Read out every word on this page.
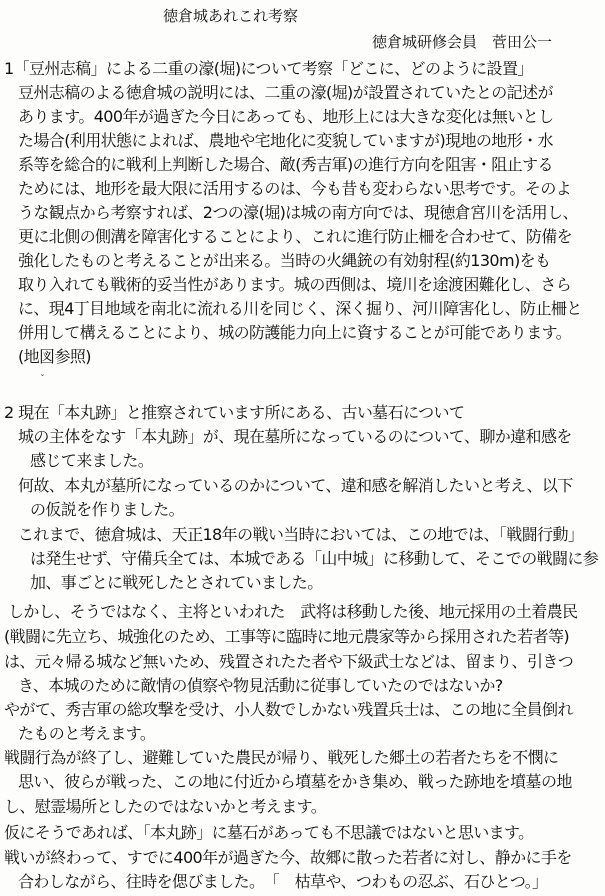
徳倉城あれこれ考察
徳倉城研修会員　菅田公一
1「豆州志稿」による二重の濠(堀)について考察「どこに、どのように設置」
豆州志稿のよる徳倉城の説明には、二重の濠(堀)が設置されていたとの記述が
あります。400年が過ぎた今日にあっても、地形上には大きな変化は無いとし
た場合(利用状態によれば、農地や宅地化に変貌していますが)現地の地形・水
系等を総合的に戦利上判断した場合、敵(秀吉軍)の進行方向を阻害・阻止する
ためには、地形を最大限に活用するのは、今も昔も変わらない思考です。そのよ
うな観点から考察すれば、2つの濠(堀)は城の南方向では、現徳倉宮川を活用し、
更に北側の側溝を障害化することにより、これに進行防止柵を合わせて、防備を
強化したものと考えることが出来る。当時の火縄銃の有効射程(約130m)をも
取り入れても戦術的妥当性があります。城の西側は、境川を途渡困難化し、さら
に、現4丁目地域を南北に流れる川を同じく、深く掘り、河川障害化し、防止柵と
併用して構えることにより、城の防護能力向上に資することが可能であります。
(地図参照)
ˇ
2 現在「本丸跡」と推察されています所にある、古い墓石について
城の主体をなす「本丸跡」が、現在墓所になっているのについて、聊か違和感を
感じて来ました。
何故、本丸が墓所になっているのかについて、違和感を解消したいと考え、以下
の仮説を作りました。
これまで、徳倉城は、天正18年の戦い当時においては、この地では、「戦闘行動」
は発生せず、守備兵全ては、本城である「山中城」に移動して、そこでの戦闘に参
加、事ごとに戦死したとされていました。
しかし、そうではなく、主将といわれた　武将は移動した後、地元採用の土着農民
(戦闘に先立ち、城強化のため、工事等に臨時に地元農家等から採用された若者等)
は、元々帰る城など無いため、残置されたた者や下級武士などは、留まり、引きつ
き、本城のために敵情の偵察や物見活動に従事していたのではないか?
やがて、秀吉軍の総攻撃を受け、小人数でしかない残置兵士は、この地に全員倒れ
たものと考えます。
戦闘行為が終了し、避難していた農民が帰り、戦死した郷土の若者たちを不憫に
思い、彼らが戦った、この地に付近から墳墓をかき集め、戦った跡地を墳墓の地
し、慰霊場所としたのではないかと考えます。
仮にそうであれば、「本丸跡」に墓石があっても不思議ではないと思います。
戦いが終わって、すでに400年が過ぎた今、故郷に散った若者に対し、静かに手を
合わしながら、往時を偲びました。　「　枯草や、つわもの忍ぶ、石ひとつ。」
